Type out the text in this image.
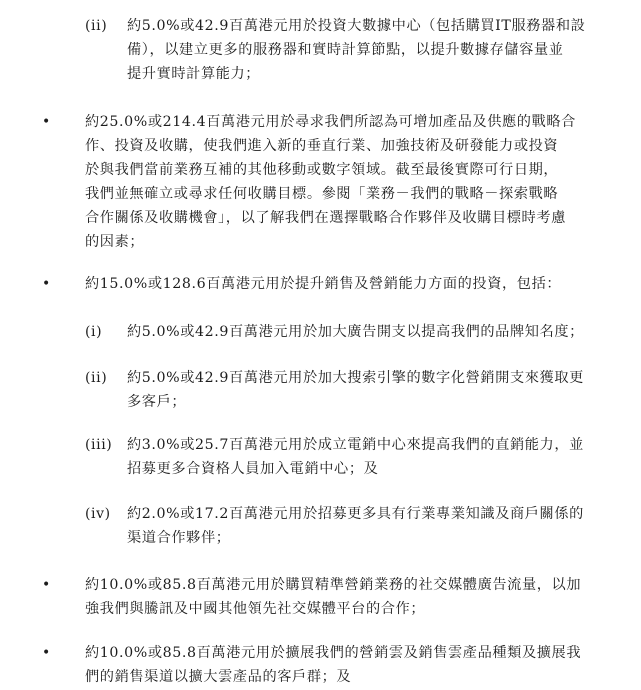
(ii) 約5.0%或42.9百萬港元用於投資大數據中心（包括購買IT服務器和設
備），以建立更多的服務器和實時計算節點，以提升數據存儲容量並
提升實時計算能力；
• 約25.0%或214.4百萬港元用於尋求我們所認為可增加產品及供應的戰略合
作、投資及收購，使我們進入新的垂直行業、加強技術及研發能力或投資
於與我們當前業務互補的其他移動或數字領域。截至最後實際可行日期，
我們並無確立或尋求任何收購目標。參閱「業務－我們的戰略－探索戰略
合作關係及收購機會」，以了解我們在選擇戰略合作夥伴及收購目標時考慮
的因素；
• 約15.0%或128.6百萬港元用於提升銷售及營銷能力方面的投資，包括：
(i) 約5.0%或42.9百萬港元用於加大廣告開支以提高我們的品牌知名度；
(ii) 約5.0%或42.9百萬港元用於加大搜索引擎的數字化營銷開支來獲取更
多客戶；
(iii) 約3.0%或25.7百萬港元用於成立電銷中心來提高我們的直銷能力，並
招募更多合資格人員加入電銷中心；及
(iv) 約2.0%或17.2百萬港元用於招募更多具有行業專業知識及商戶關係的
渠道合作夥伴；
• 約10.0%或85.8百萬港元用於購買精準營銷業務的社交媒體廣告流量，以加
強我們與騰訊及中國其他領先社交媒體平台的合作；
• 約10.0%或85.8百萬港元用於擴展我們的營銷雲及銷售雲產品種類及擴展我
們的銷售渠道以擴大雲產品的客戶群；及
